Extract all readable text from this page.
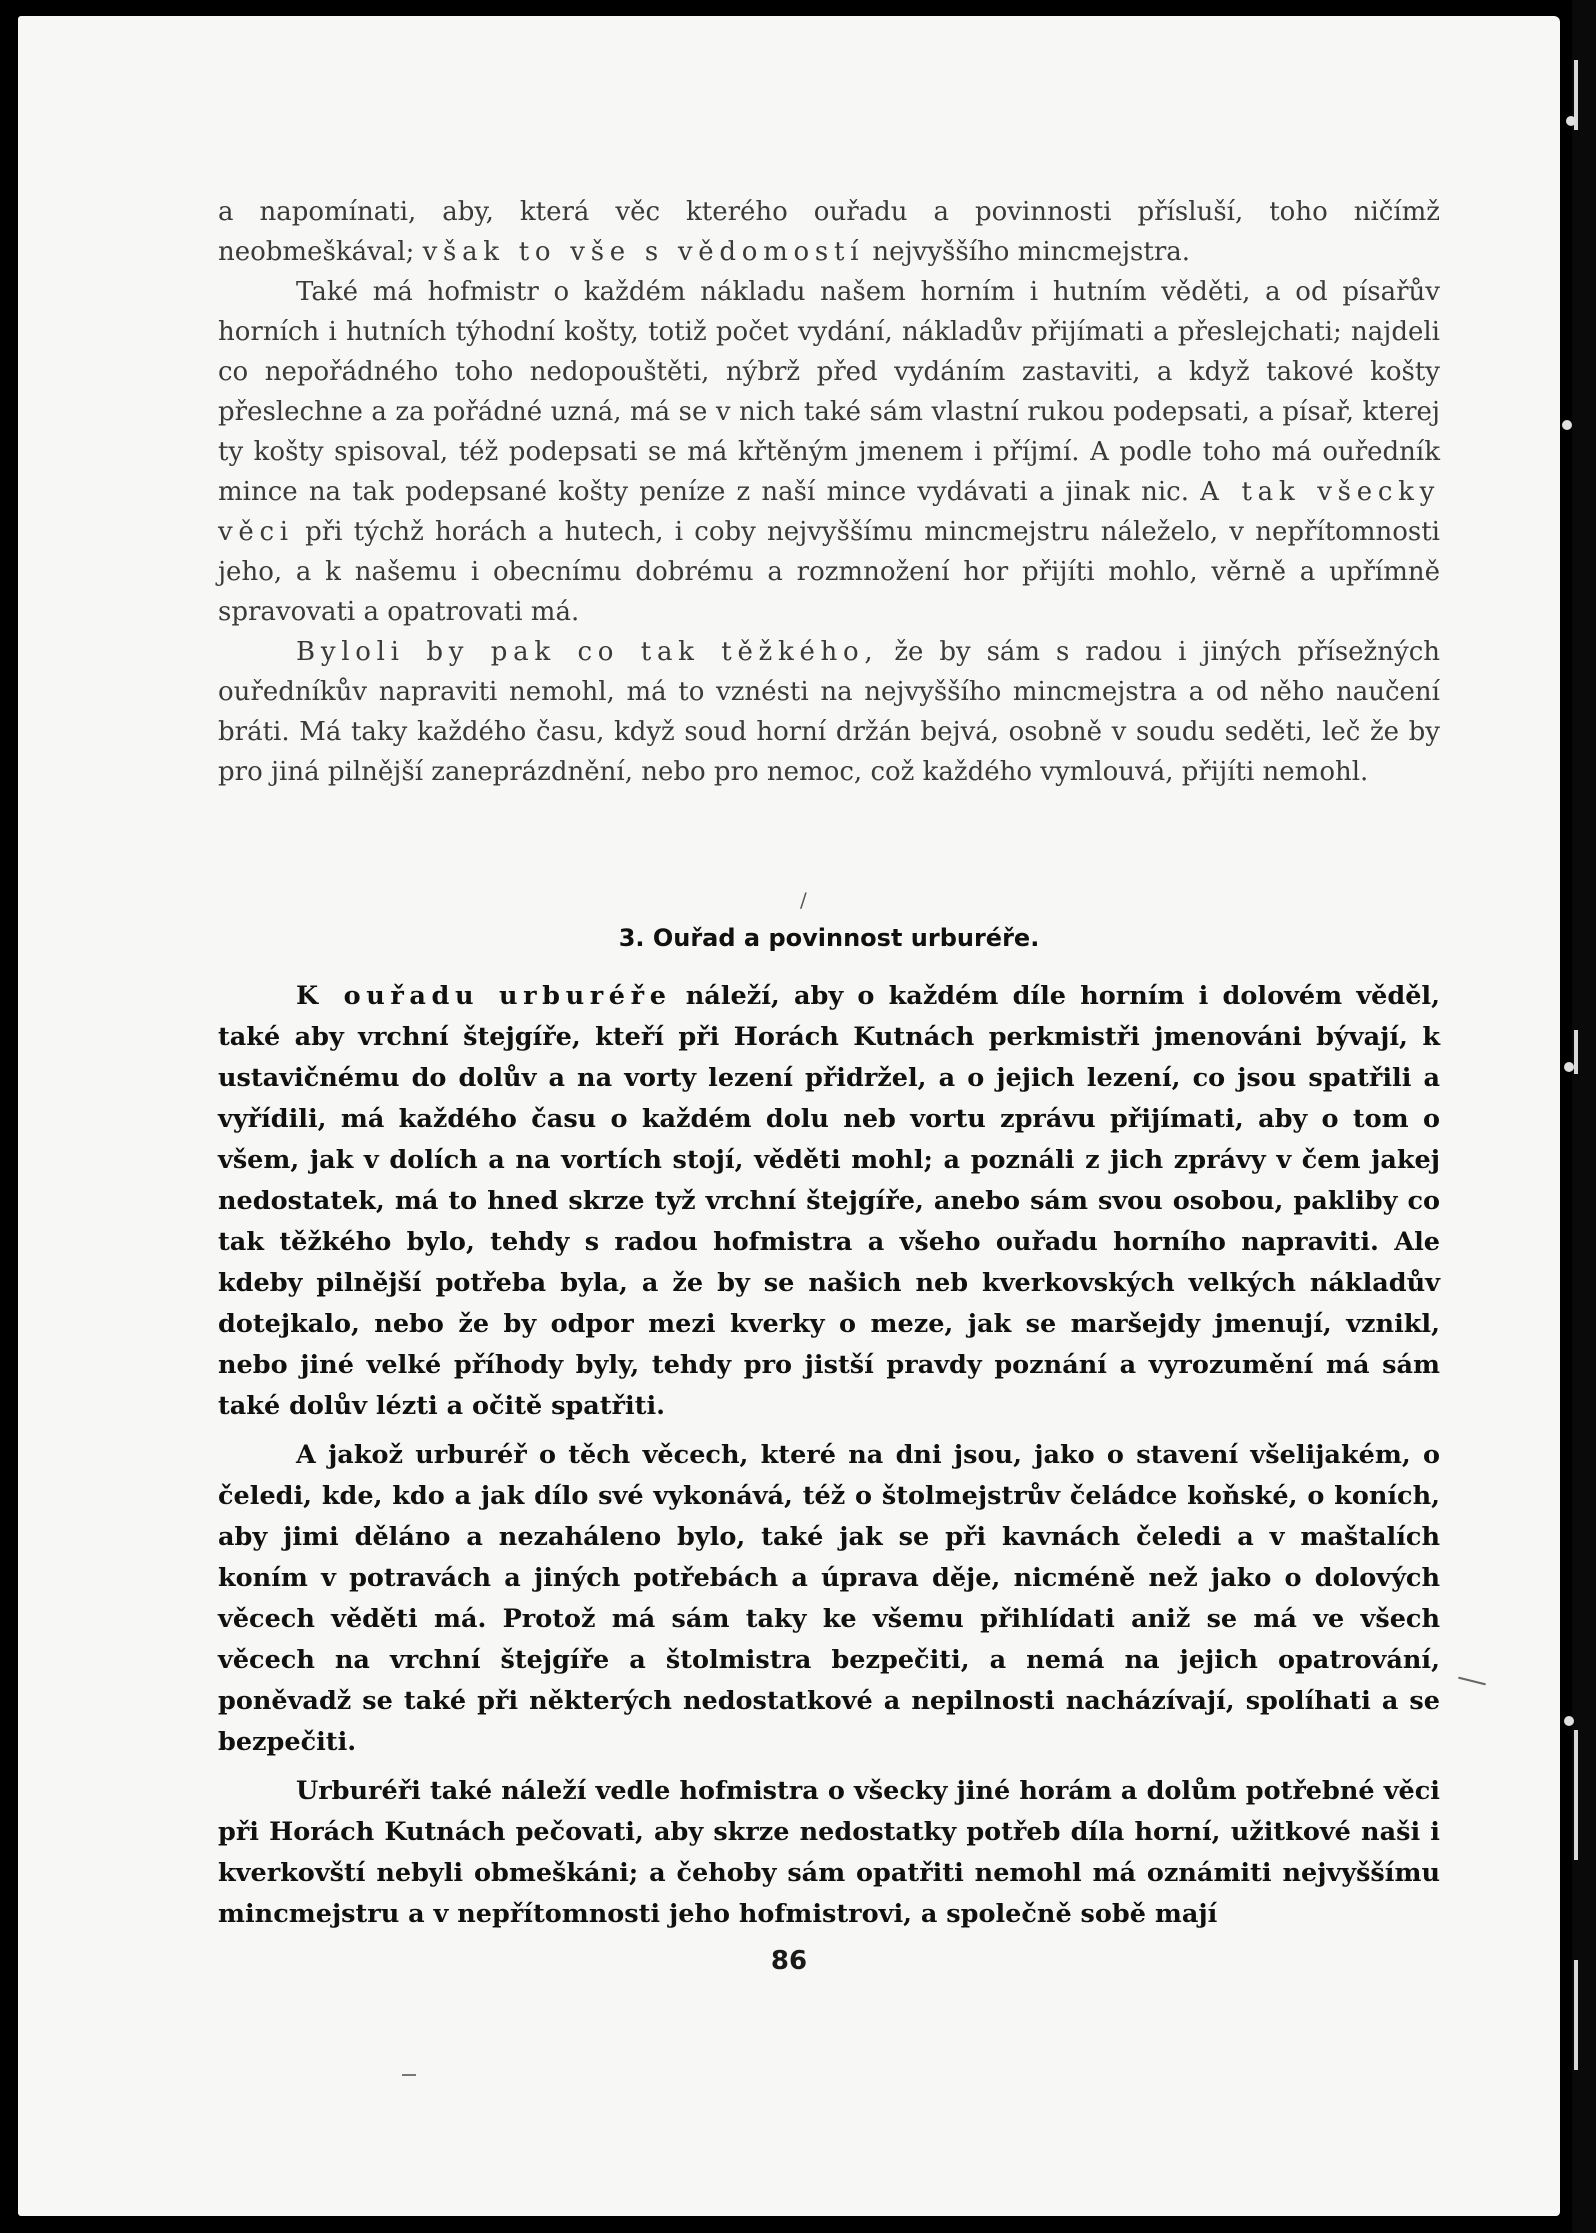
a napomínati, aby, která věc kterého ouřadu a povinnosti přísluší, toho ničímž neobmeškával; však to vše s vědomostí nejvyššího mincmejstra.

Také má hofmistr o každém nákladu našem horním i hutním věděti, a od písařův horních i hutních týhodní košty, totiž počet vydání, nákladův přijímati a přeslejchati; najdeli co nepořádného toho nedopouštěti, nýbrž před vydáním zastaviti, a když takové košty přeslechne a za pořádné uzná, má se v nich také sám vlastní rukou podepsati, a písař, kterej ty košty spisoval, též podepsati se má křtěným jmenem i příjmí. A podle toho má ouředník mince na tak podepsané košty peníze z naší mince vydávati a jinak nic. A tak všecky věci při týchž horách a hutech, i coby nejvyššímu mincmejstru náleželo, v nepřítomnosti jeho, a k našemu i obecnímu dobrému a rozmnožení hor přijíti mohlo, věrně a upřímně spravovati a opatrovati má.

Byloli by pak co tak těžkého, že by sám s radou i jiných přísežných ouředníkův napraviti nemohl, má to vznésti na nejvyššího mincmejstra a od něho naučení bráti. Má taky každého času, když soud horní držán bejvá, osobně v soudu seděti, leč že by pro jiná pilnější zaneprázdnění, nebo pro nemoc, což každého vymlouvá, přijíti nemohl.

/
3. Ouřad a povinnost urburéře.

K ouřadu urburéře náleží, aby o každém díle horním i dolovém věděl, také aby vrchní štejgíře, kteří při Horách Kutnách perkmistři jmenováni bývají, k ustavičnému do dolův a na vorty lezení přidržel, a o jejich lezení, co jsou spatřili a vyřídili, má každého času o každém dolu neb vortu zprávu přijímati, aby o tom o všem, jak v dolích a na vortích stojí, věděti mohl; a poználi z jich zprávy v čem jakej nedostatek, má to hned skrze tyž vrchní štejgíře, anebo sám svou osobou, pakliby co tak těžkého bylo, tehdy s radou hofmistra a všeho ouřadu horního napraviti. Ale kdeby pilnější potřeba byla, a že by se našich neb kverkovských velkých nákladův dotejkalo, nebo že by odpor mezi kverky o meze, jak se maršejdy jmenují, vznikl, nebo jiné velké příhody byly, tehdy pro jistší pravdy poznání a vyrozumění má sám také dolův lézti a očitě spatřiti.

A jakož urburéř o těch věcech, které na dni jsou, jako o stavení všelijakém, o čeledi, kde, kdo a jak dílo své vykonává, též o štolmejstrův čeládce koňské, o koních, aby jimi děláno a nezaháleno bylo, také jak se při kavnách čeledi a v maštalích koním v potravách a jiných potřebách a úprava děje, nicméně než jako o dolových věcech věděti má. Protož má sám taky ke všemu přihlídati aniž se má ve všech věcech na vrchní štejgíře a štolmistra bezpečiti, a nemá na jejich opatrování, poněvadž se také při některých nedostatkové a nepilnosti nacházívají, spolíhati a se bezpečiti.

Urburéři také náleží vedle hofmistra o všecky jiné horám a dolům potřebné věci při Horách Kutnách pečovati, aby skrze nedostatky potřeb díla horní, užitkové naši i kverkovští nebyli obmeškáni; a čehoby sám opatřiti nemohl má oznámiti nejvyššímu mincmejstru a v nepřítomnosti jeho hofmistrovi, a společně sobě mají

86
